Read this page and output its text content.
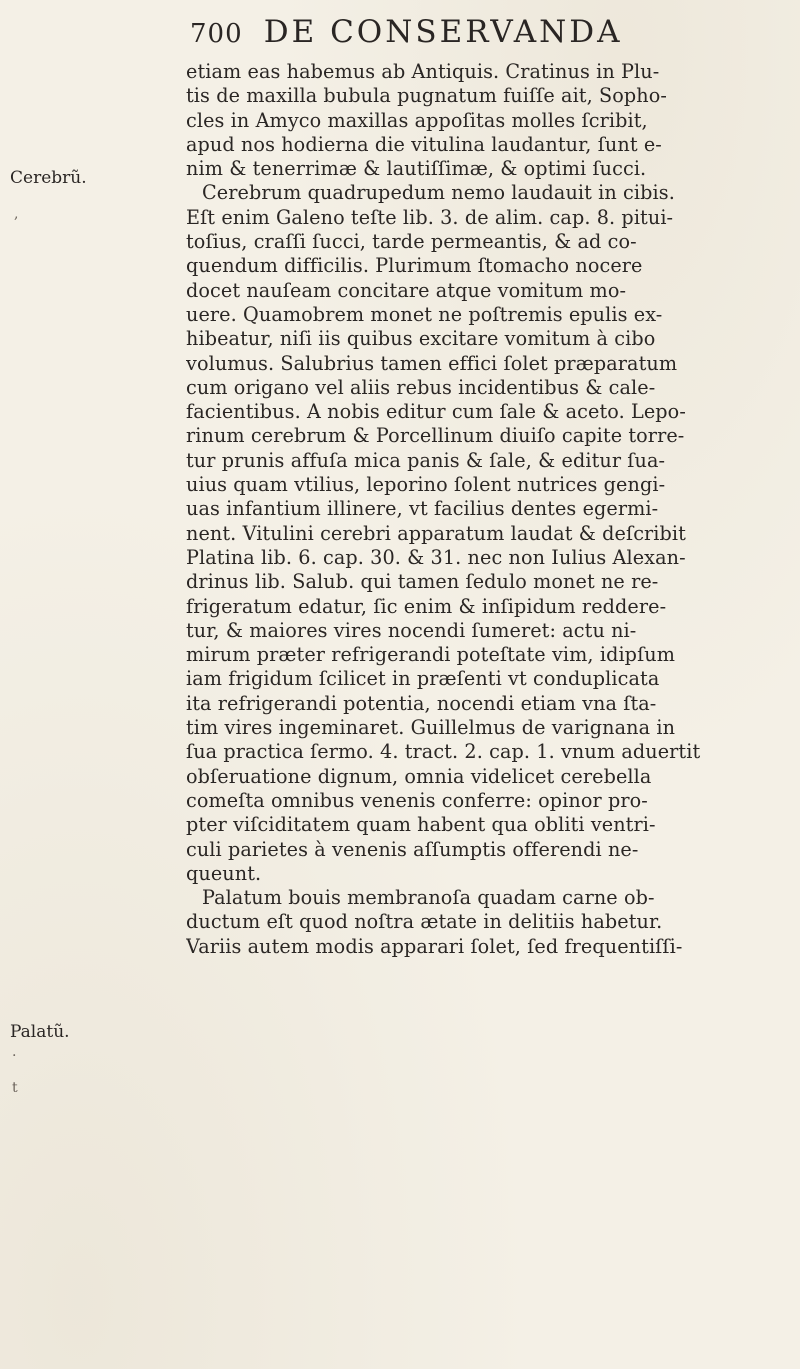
700 DE CONSERVANDA
Cerebrũ.
,
Palatũ.
.
t
etiam eas habemus ab Antiquis. Cratinus in Plu-
tis de maxilla bubula pugnatum fuiſſe ait, Sopho-
cles in Amyco maxillas appoſitas molles ſcribit,
apud nos hodierna die vitulina laudantur, ſunt e-
nim & tenerrimæ & lautiſſimæ, & optimi ſucci.
Cerebrum quadrupedum nemo laudauit in cibis.
Eſt enim Galeno teſte lib. 3. de alim. cap. 8. pitui-
toſius, craſſi ſucci, tarde permeantis, & ad co-
quendum difficilis. Plurimum ſtomacho nocere
docet nauſeam concitare atque vomitum mo-
uere. Quamobrem monet ne poſtremis epulis ex-
hibeatur, niſi iis quibus excitare vomitum à cibo
volumus. Salubrius tamen effici ſolet præparatum
cum origano vel aliis rebus incidentibus & cale-
facientibus. A nobis editur cum ſale & aceto. Lepo-
rinum cerebrum & Porcellinum diuiſo capite torre-
tur prunis affuſa mica panis & ſale, & editur ſua-
uius quam vtilius, leporino ſolent nutrices gengi-
uas infantium illinere, vt facilius dentes egermi-
nent. Vitulini cerebri apparatum laudat & deſcribit
Platina lib. 6. cap. 30. & 31. nec non Iulius Alexan-
drinus lib. Salub. qui tamen ſedulo monet ne re-
frigeratum edatur, ſic enim & inſipidum reddere-
tur, & maiores vires nocendi ſumeret: actu ni-
mirum præter refrigerandi poteſtate vim, idipſum
iam frigidum ſcilicet in præſenti vt conduplicata
ita refrigerandi potentia, nocendi etiam vna ſta-
tim vires ingeminaret. Guillelmus de varignana in
ſua practica ſermo. 4. tract. 2. cap. 1. vnum aduertit
obſeruatione dignum, omnia videlicet cerebella
comeſta omnibus venenis conferre: opinor pro-
pter viſciditatem quam habent qua obliti ventri-
culi parietes à venenis aſſumptis offerendi ne-
queunt.
Palatum bouis membranoſa quadam carne ob-
ductum eſt quod noſtra ætate in delitiis habetur.
Variis autem modis apparari ſolet, ſed frequentiſſi-
